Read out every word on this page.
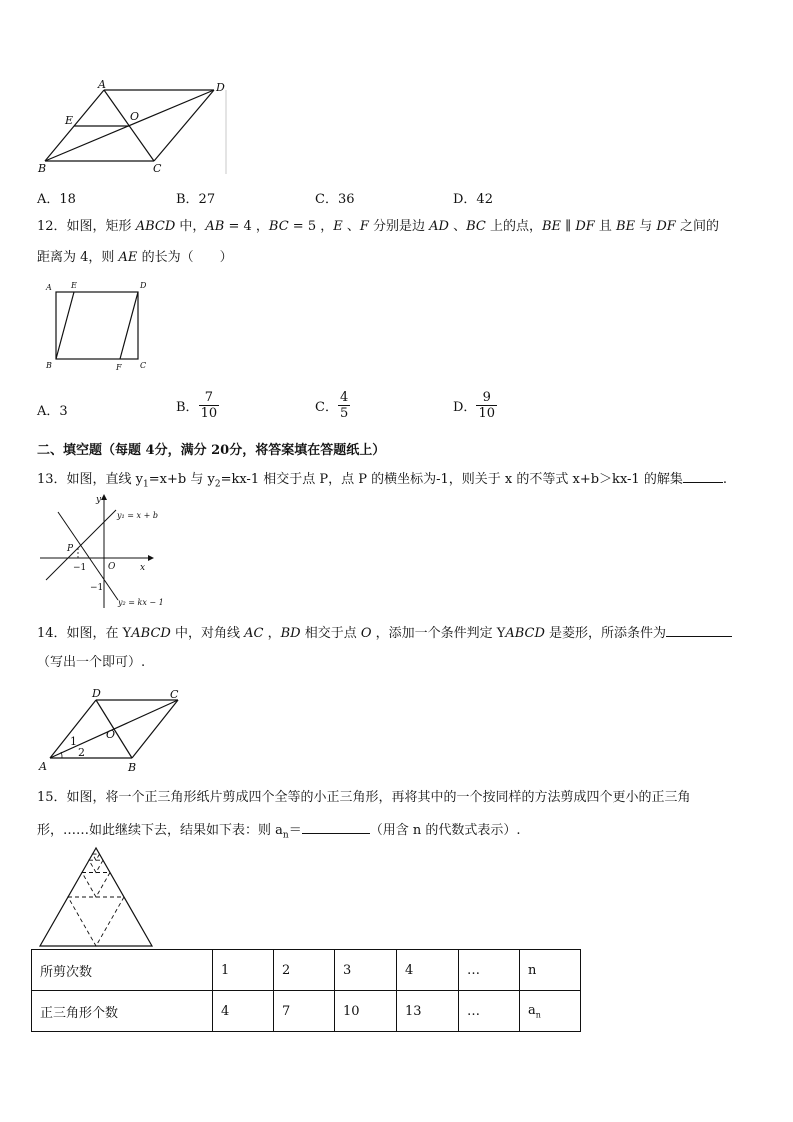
A	D
E	O
B	C
A．18	B．27	C．36	D．42
12．如图，矩形 ABCD 中，AB = 4 ，BC = 5 ，E 、F 分别是边 AD 、BC 上的点，BE ∥ DF 且 BE 与 DF 之间的
距离为 4，则 AE 的长为（　　）
A E	D
B	F C
A．3	B． $\frac{7}{10}$	C． $\frac{4}{5}$	D． $\frac{9}{10}$
二、填空题（每题 4分，满分 20分，将答案填在答题纸上）
13．如图，直线 $y_1=x+b$ 与 $y_2=kx-1$ 相交于点 P，点 P 的横坐标为-1，则关于 x 的不等式 x+b＞kx-1 的解集	.
y
y₁ = x + b
P
−1 O	x
−1
y₂ = kx − 1
14．如图，在 YABCD 中，对角线 AC ，BD 相交于点 O ，添加一个条件判定 YABCD 是菱形，所添条件为
（写出一个即可）.
D	C
O
1
2
A	B
15．如图，将一个正三角形纸片剪成四个全等的小正三角形，再将其中的一个按同样的方法剪成四个更小的正三角
形，……如此继续下去，结果如下表：则 $a_n=$	（用含 n 的代数式表示）.
所剪次数	1	2	3	4	…	n
正三角形个数	4	7	10	13	…	$a_n$
